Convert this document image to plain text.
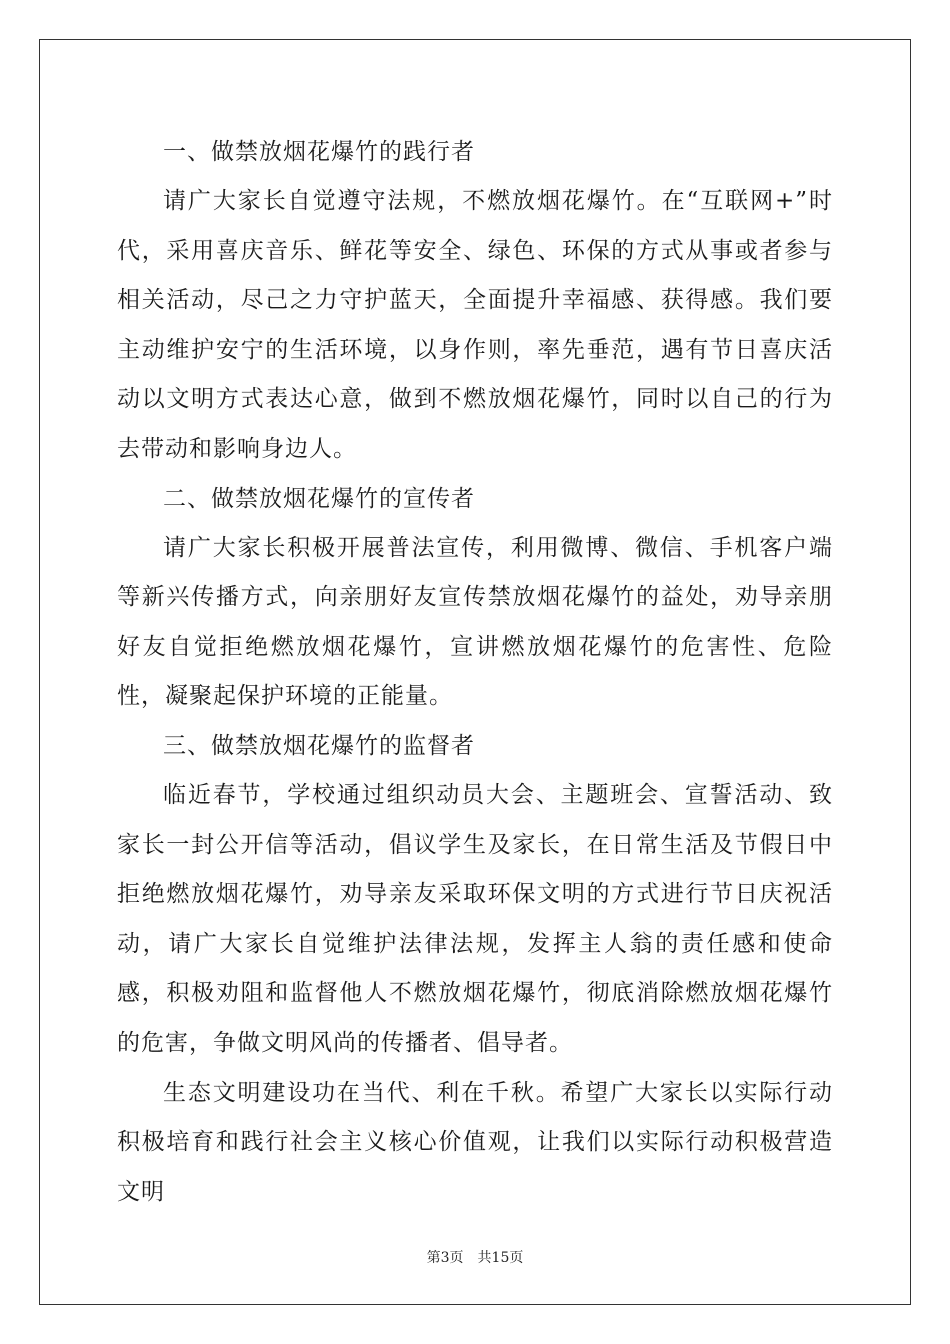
一、做禁放烟花爆竹的践行者
请广大家长自觉遵守法规，不燃放烟花爆竹。在“互联网+”时代，采用喜庆音乐、鲜花等安全、绿色、环保的方式从事或者参与相关活动，尽己之力守护蓝天，全面提升幸福感、获得感。我们要主动维护安宁的生活环境，以身作则，率先垂范，遇有节日喜庆活动以文明方式表达心意，做到不燃放烟花爆竹，同时以自己的行为去带动和影响身边人。
二、做禁放烟花爆竹的宣传者
请广大家长积极开展普法宣传，利用微博、微信、手机客户端等新兴传播方式，向亲朋好友宣传禁放烟花爆竹的益处，劝导亲朋好友自觉拒绝燃放烟花爆竹，宣讲燃放烟花爆竹的危害性、危险性，凝聚起保护环境的正能量。
三、做禁放烟花爆竹的监督者
临近春节，学校通过组织动员大会、主题班会、宣誓活动、致家长一封公开信等活动，倡议学生及家长，在日常生活及节假日中拒绝燃放烟花爆竹，劝导亲友采取环保文明的方式进行节日庆祝活动，请广大家长自觉维护法律法规，发挥主人翁的责任感和使命感，积极劝阻和监督他人不燃放烟花爆竹，彻底消除燃放烟花爆竹的危害，争做文明风尚的传播者、倡导者。
生态文明建设功在当代、利在千秋。希望广大家长以实际行动积极培育和践行社会主义核心价值观，让我们以实际行动积极营造文明
第3页　共15页
